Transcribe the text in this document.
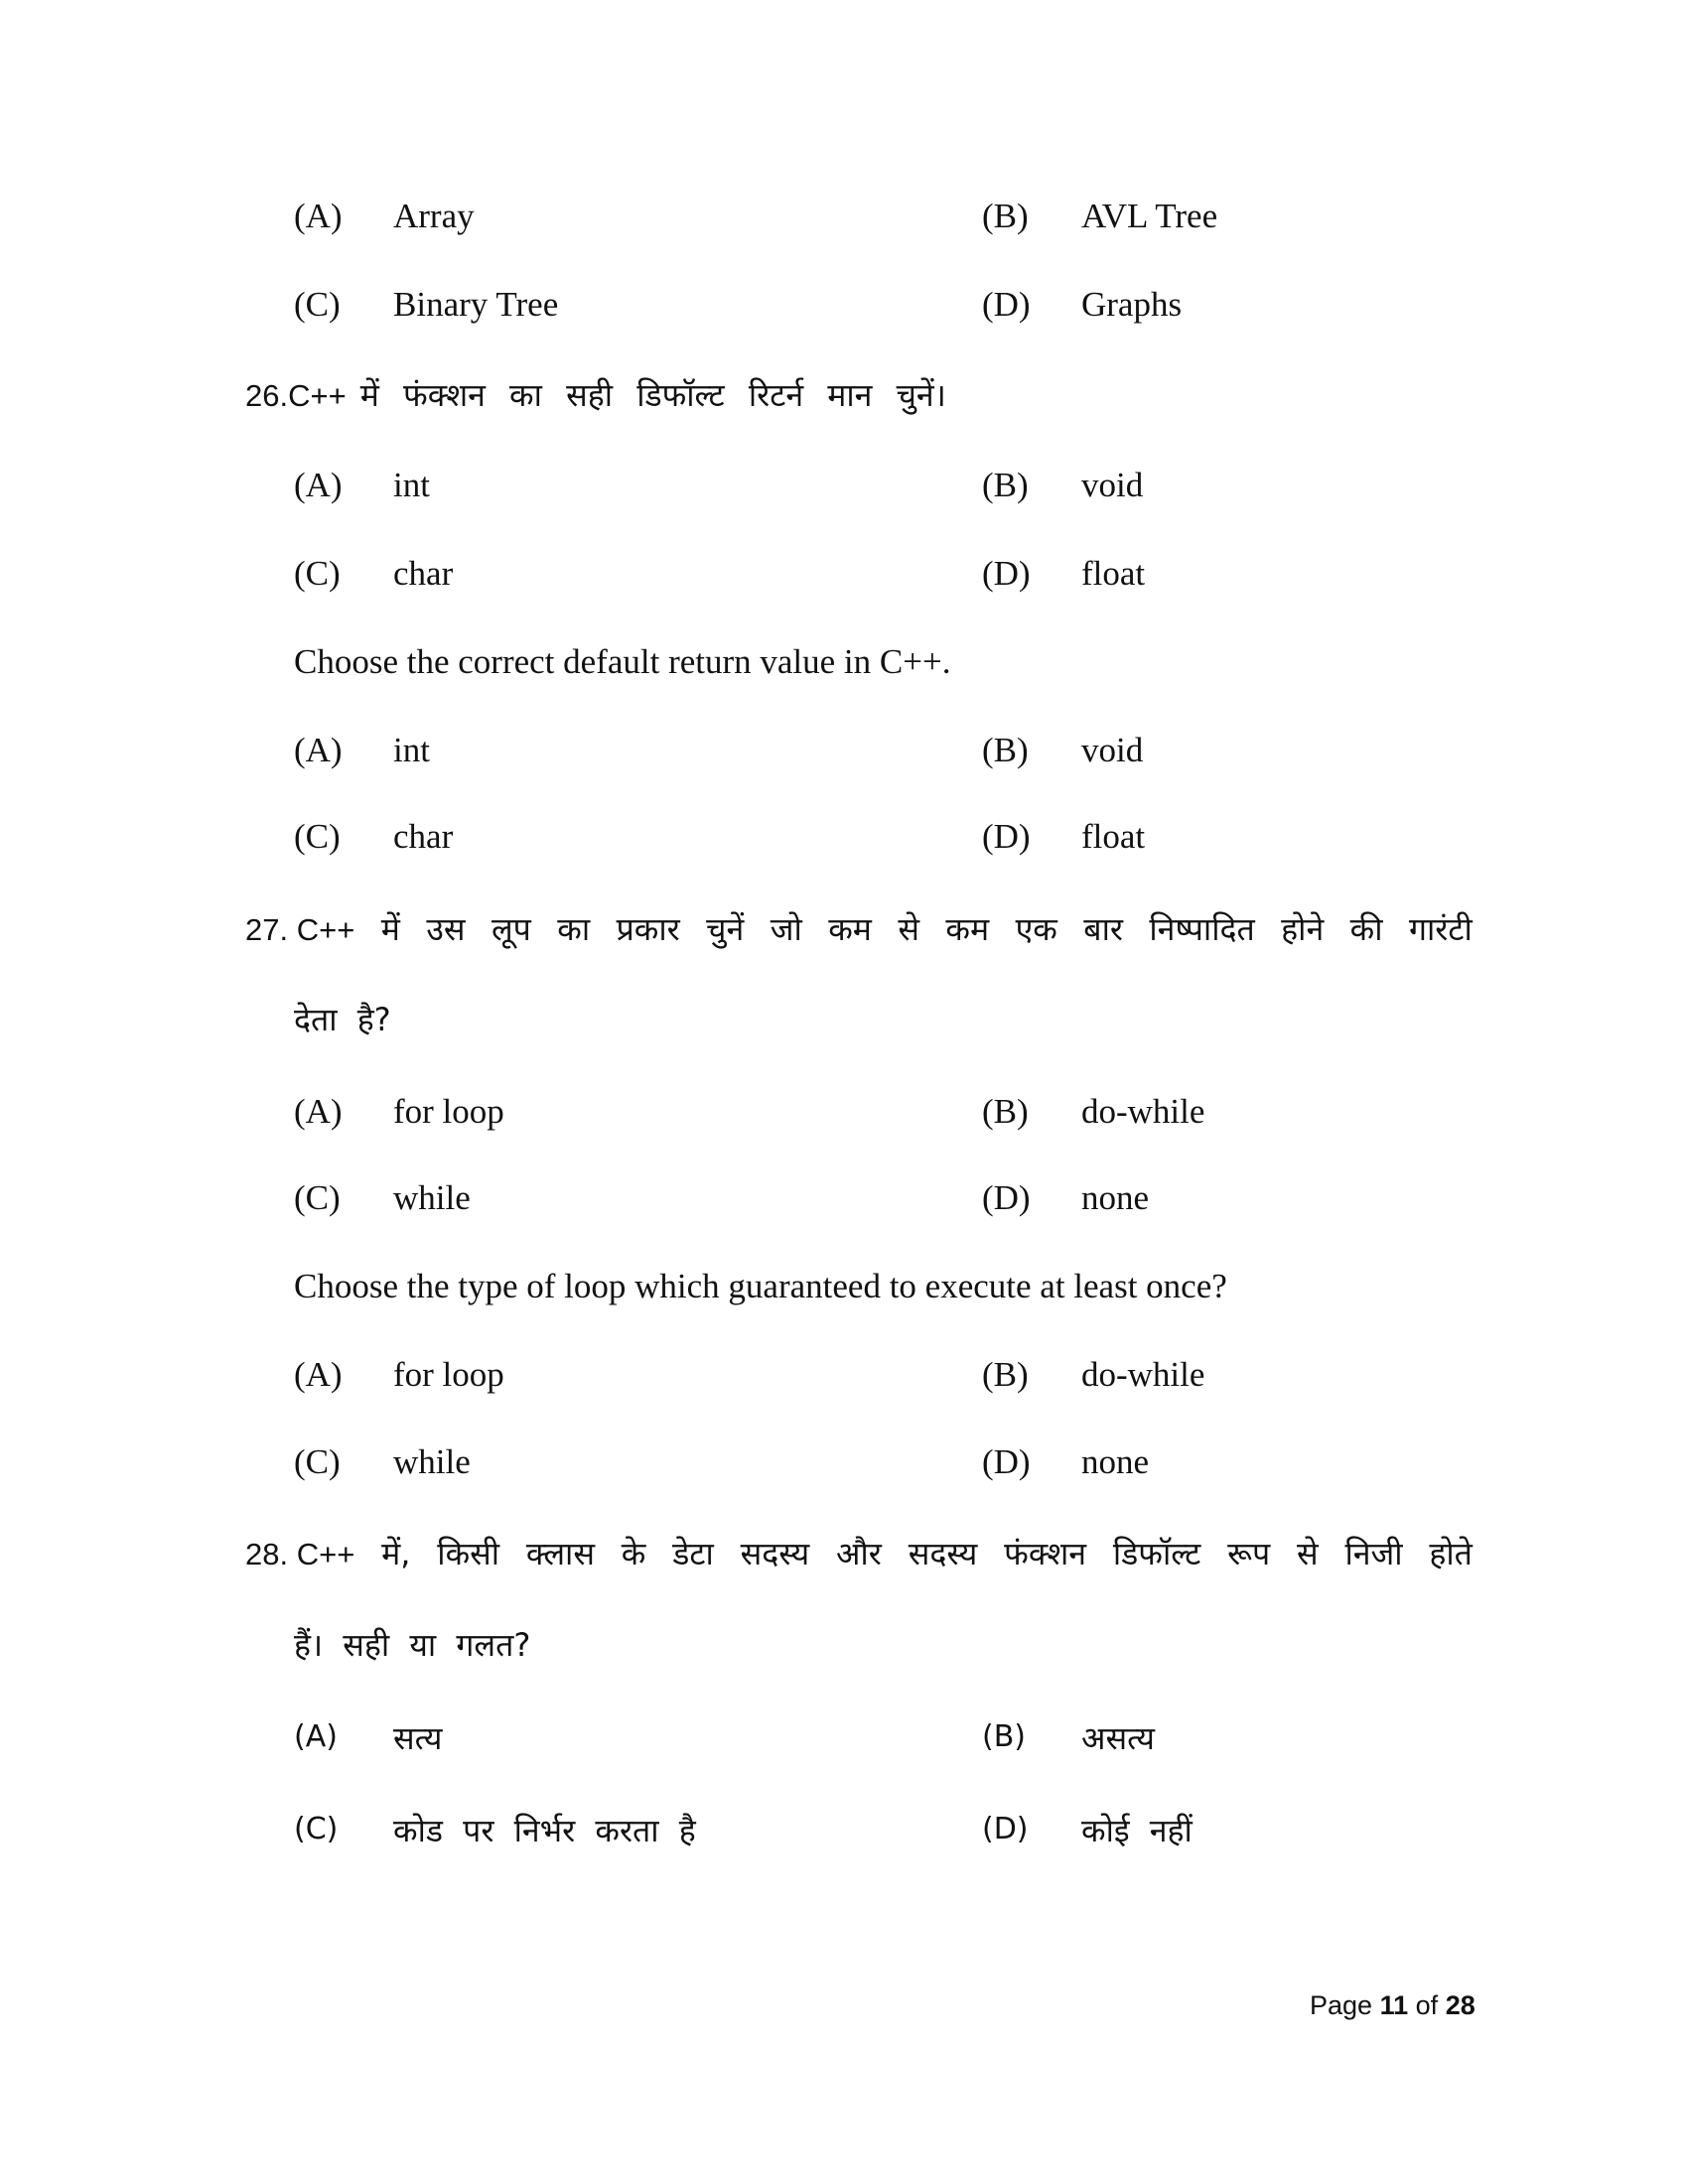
(A) Array	(B) AVL Tree
(C) Binary Tree	(D) Graphs
26.C++ में फंक्शन का सही डिफॉल्ट रिटर्न मान चुनें।
(A) int	(B) void
(C) char	(D) float
Choose the correct default return value in C++.
(A) int	(B) void
(C) char	(D) float
27. C++ में उस लूप का प्रकार चुनें जो कम से कम एक बार निष्पादित होने की गारंटी
देता है?
(A) for loop	(B) do-while
(C) while	(D) none
Choose the type of loop which guaranteed to execute at least once?
(A) for loop	(B) do-while
(C) while	(D) none
28. C++ में, किसी क्लास के डेटा सदस्य और सदस्य फंक्शन डिफॉल्ट रूप से निजी होते
हैं। सही या गलत?
(A) सत्य	(B) असत्य
(C) कोड पर निर्भर करता है	(D) कोई नहीं
Page 11 of 28
